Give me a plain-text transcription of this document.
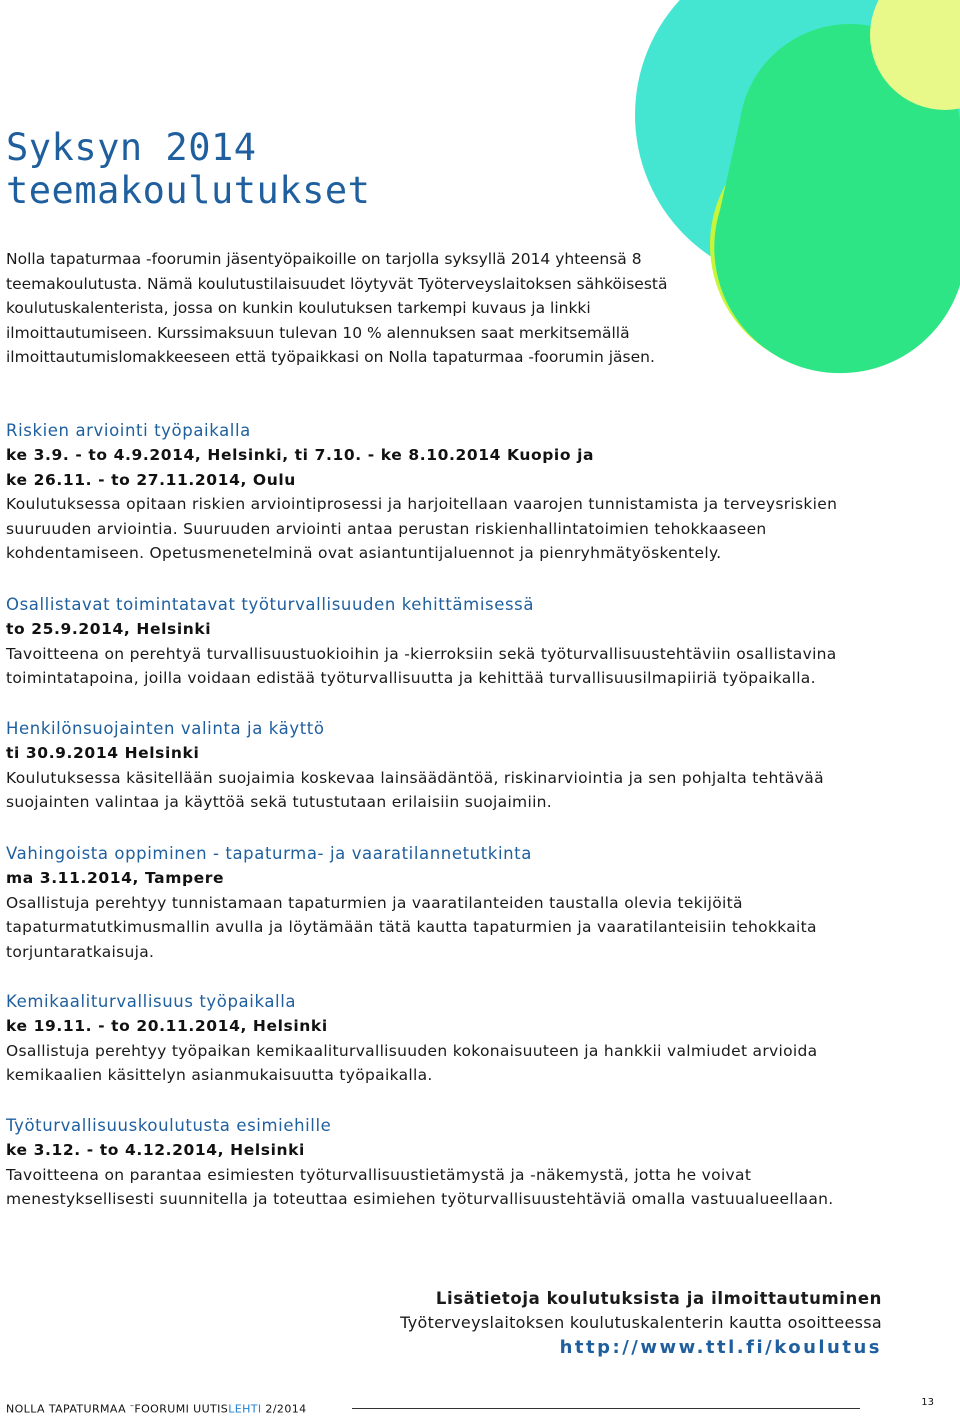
Syksyn 2014
teemakoulutukset

Nolla tapaturmaa -foorumin jäsentyöpaikoille on tarjolla syksyllä 2014 yhteensä 8
teemakoulutusta. Nämä koulutustilaisuudet löytyvät Työterveyslaitoksen sähköisestä
koulutuskalenterista, jossa on kunkin koulutuksen tarkempi kuvaus ja linkki
ilmoittautumiseen. Kurssimaksuun tulevan 10 % alennuksen saat merkitsemällä
ilmoittautumislomakkeeseen että työpaikkasi on Nolla tapaturmaa -foorumin jäsen.

Riskien arviointi työpaikalla

ke 3.9. - to 4.9.2014, Helsinki, ti 7.10. - ke 8.10.2014 Kuopio ja
ke 26.11. - to 27.11.2014, Oulu

Koulutuksessa opitaan riskien arviointiprosessi ja harjoitellaan vaarojen tunnistamista ja terveysriskien
suuruuden arviointia. Suuruuden arviointi antaa perustan riskienhallintatoimien tehokkaaseen
kohdentamiseen. Opetusmenetelminä ovat asiantuntijaluennot ja pienryhmätyöskentely.

Osallistavat toimintatavat työturvallisuuden kehittämisessä

to 25.9.2014, Helsinki

Tavoitteena on perehtyä turvallisuustuokioihin ja -kierroksiin sekä työturvallisuustehtäviin osallistavina
toimintatapoina, joilla voidaan edistää työturvallisuutta ja kehittää turvallisuusilmapiiriä työpaikalla.

Henkilönsuojainten valinta ja käyttö

ti 30.9.2014 Helsinki

Koulutuksessa käsitellään suojaimia koskevaa lainsäädäntöä, riskinarviointia ja sen pohjalta tehtävää
suojainten valintaa ja käyttöä sekä tutustutaan erilaisiin suojaimiin.

Vahingoista oppiminen - tapaturma- ja vaaratilannetutkinta

ma 3.11.2014, Tampere

Osallistuja perehtyy tunnistamaan tapaturmien ja vaaratilanteiden taustalla olevia tekijöitä
tapaturmatutkimusmallin avulla ja löytämään tätä kautta tapaturmien ja vaaratilanteisiin tehokkaita
torjuntaratkaisuja.

Kemikaaliturvallisuus työpaikalla

ke 19.11. - to 20.11.2014, Helsinki

Osallistuja perehtyy työpaikan kemikaaliturvallisuuden kokonaisuuteen ja hankkii valmiudet arvioida
kemikaalien käsittelyn asianmukaisuutta työpaikalla.

Työturvallisuuskoulutusta esimiehille

ke 3.12. - to 4.12.2014, Helsinki

Tavoitteena on parantaa esimiesten työturvallisuustietämystä ja -näkemystä, jotta he voivat
menestyksellisesti suunnitella ja toteuttaa esimiehen työturvallisuustehtäviä omalla vastuualueellaan.

Lisätietoja koulutuksista ja ilmoittautuminen
Työterveyslaitoksen koulutuskalenterin kautta osoitteessa
http://www.ttl.fi/koulutus
NOLLA TAPATURMAA –FOORUMI UUTISLEHTI 2/2014
13
